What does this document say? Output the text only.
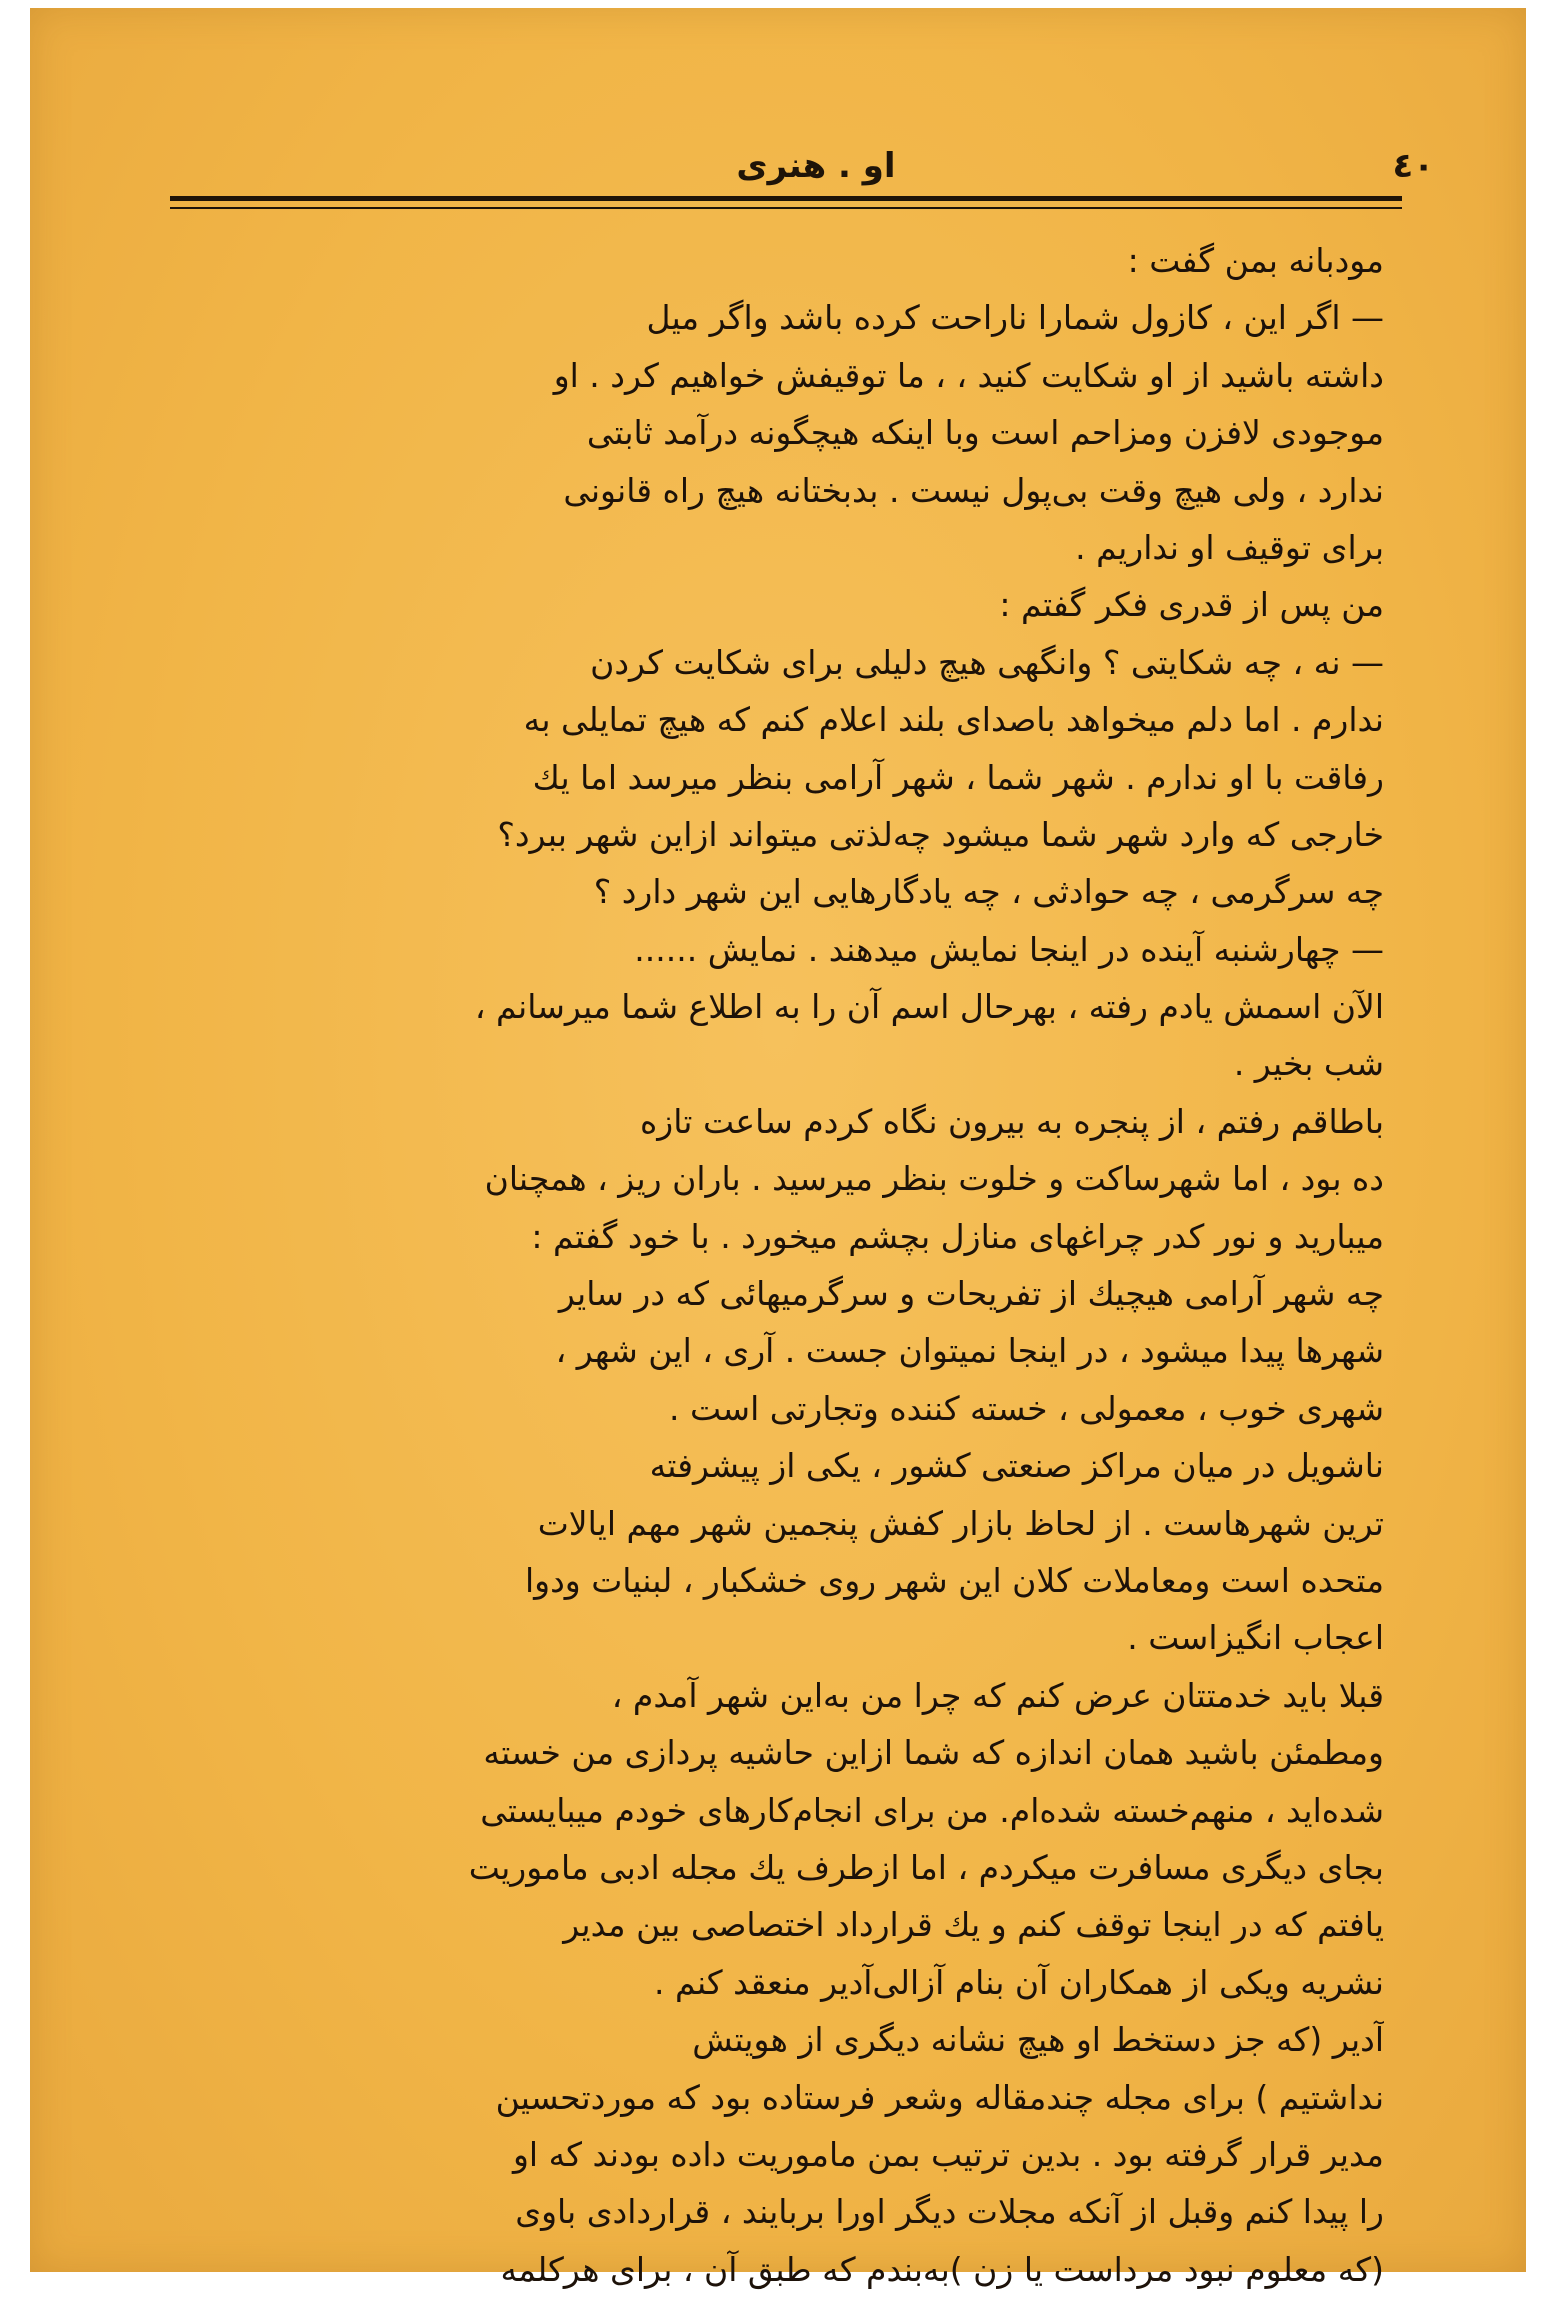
٤٠
او . هنری
مودبانه بمن گفت :
— اگر این ، کازول شمارا ناراحت کرده باشد واگر میل
داشته باشید از او شکایت کنید ، ، ما توقیفش خواهیم کرد . او
موجودی لافزن ومزاحم است وبا اینکه هیچگونه درآمد ثابتی
ندارد ، ولی هیچ وقت بی‌پول نیست . بدبختانه هیچ راه قانونی
برای توقیف او نداریم .
من پس از قدری فکر گفتم :
— نه ، چه شکایتی ؟ وانگهی هیچ دلیلی برای شکایت کردن
ندارم . اما دلم میخواهد باصدای بلند اعلام کنم که هیچ تمایلی به
رفاقت با او ندارم . شهر شما ، شهر آرامی بنظر میرسد اما یك
خارجی که وارد شهر شما میشود چه‌لذتی میتواند ازاین شهر ببرد؟
چه سرگرمی ، چه حوادثی ، چه یادگارهایی این شهر دارد ؟
— چهارشنبه آینده در اینجا نمایش میدهند . نمایش ......
الآن اسمش یادم رفته ، بهرحال اسم آن را به اطلاع شما میرسانم ،
شب بخیر .
باطاقم رفتم ، از پنجره به بیرون نگاه کردم ساعت تازه
ده بود ، اما شهرساکت و خلوت بنظر میرسید . باران ریز ، همچنان
میبارید و نور کدر چراغهای منازل بچشم میخورد . با خود گفتم :
چه شهر آرامی هیچیك از تفریحات و سرگرمیهائی که در سایر
شهرها پیدا میشود ، در اینجا نمیتوان جست . آری ، این شهر ،
شهری خوب ، معمولی ، خسته کننده وتجارتی است .
ناشویل در میان مراکز صنعتی کشور ، یکی از پیشرفته
ترین شهرهاست . از لحاظ بازار کفش پنجمین شهر مهم ایالات
متحده است ومعاملات کلان این شهر روی خشکبار ، لبنیات ودوا
اعجاب انگیزاست .
قبلا باید خدمتتان عرض کنم که چرا من به‌این شهر آمدم ،
ومطمئن باشید همان اندازه که شما ازاین حاشیه پردازی من خسته
شده‌اید ، منهم‌خسته شده‌ام. من برای انجام‌کارهای خودم میبایستی
بجای دیگری مسافرت میکردم ، اما ازطرف یك مجله ادبی ماموریت
یافتم که در اینجا توقف کنم و یك قرارداد اختصاصی بین مدیر
نشریه ویکی از همکاران آن بنام آزالی‌آدیر منعقد کنم .
آدیر (که جز دستخط او هیچ نشانه دیگری از هویتش
نداشتیم ) برای مجله چندمقاله وشعر فرستاده بود که موردتحسین
مدیر قرار گرفته بود . بدین ترتیب بمن ماموریت داده بودند که او
را پیدا کنم وقبل از آنکه مجلات دیگر اورا بربایند ، قراردادی باوی
(که معلوم نبود مرداست یا زن )به‌بندم که طبق آن ، برای هرکلمه
